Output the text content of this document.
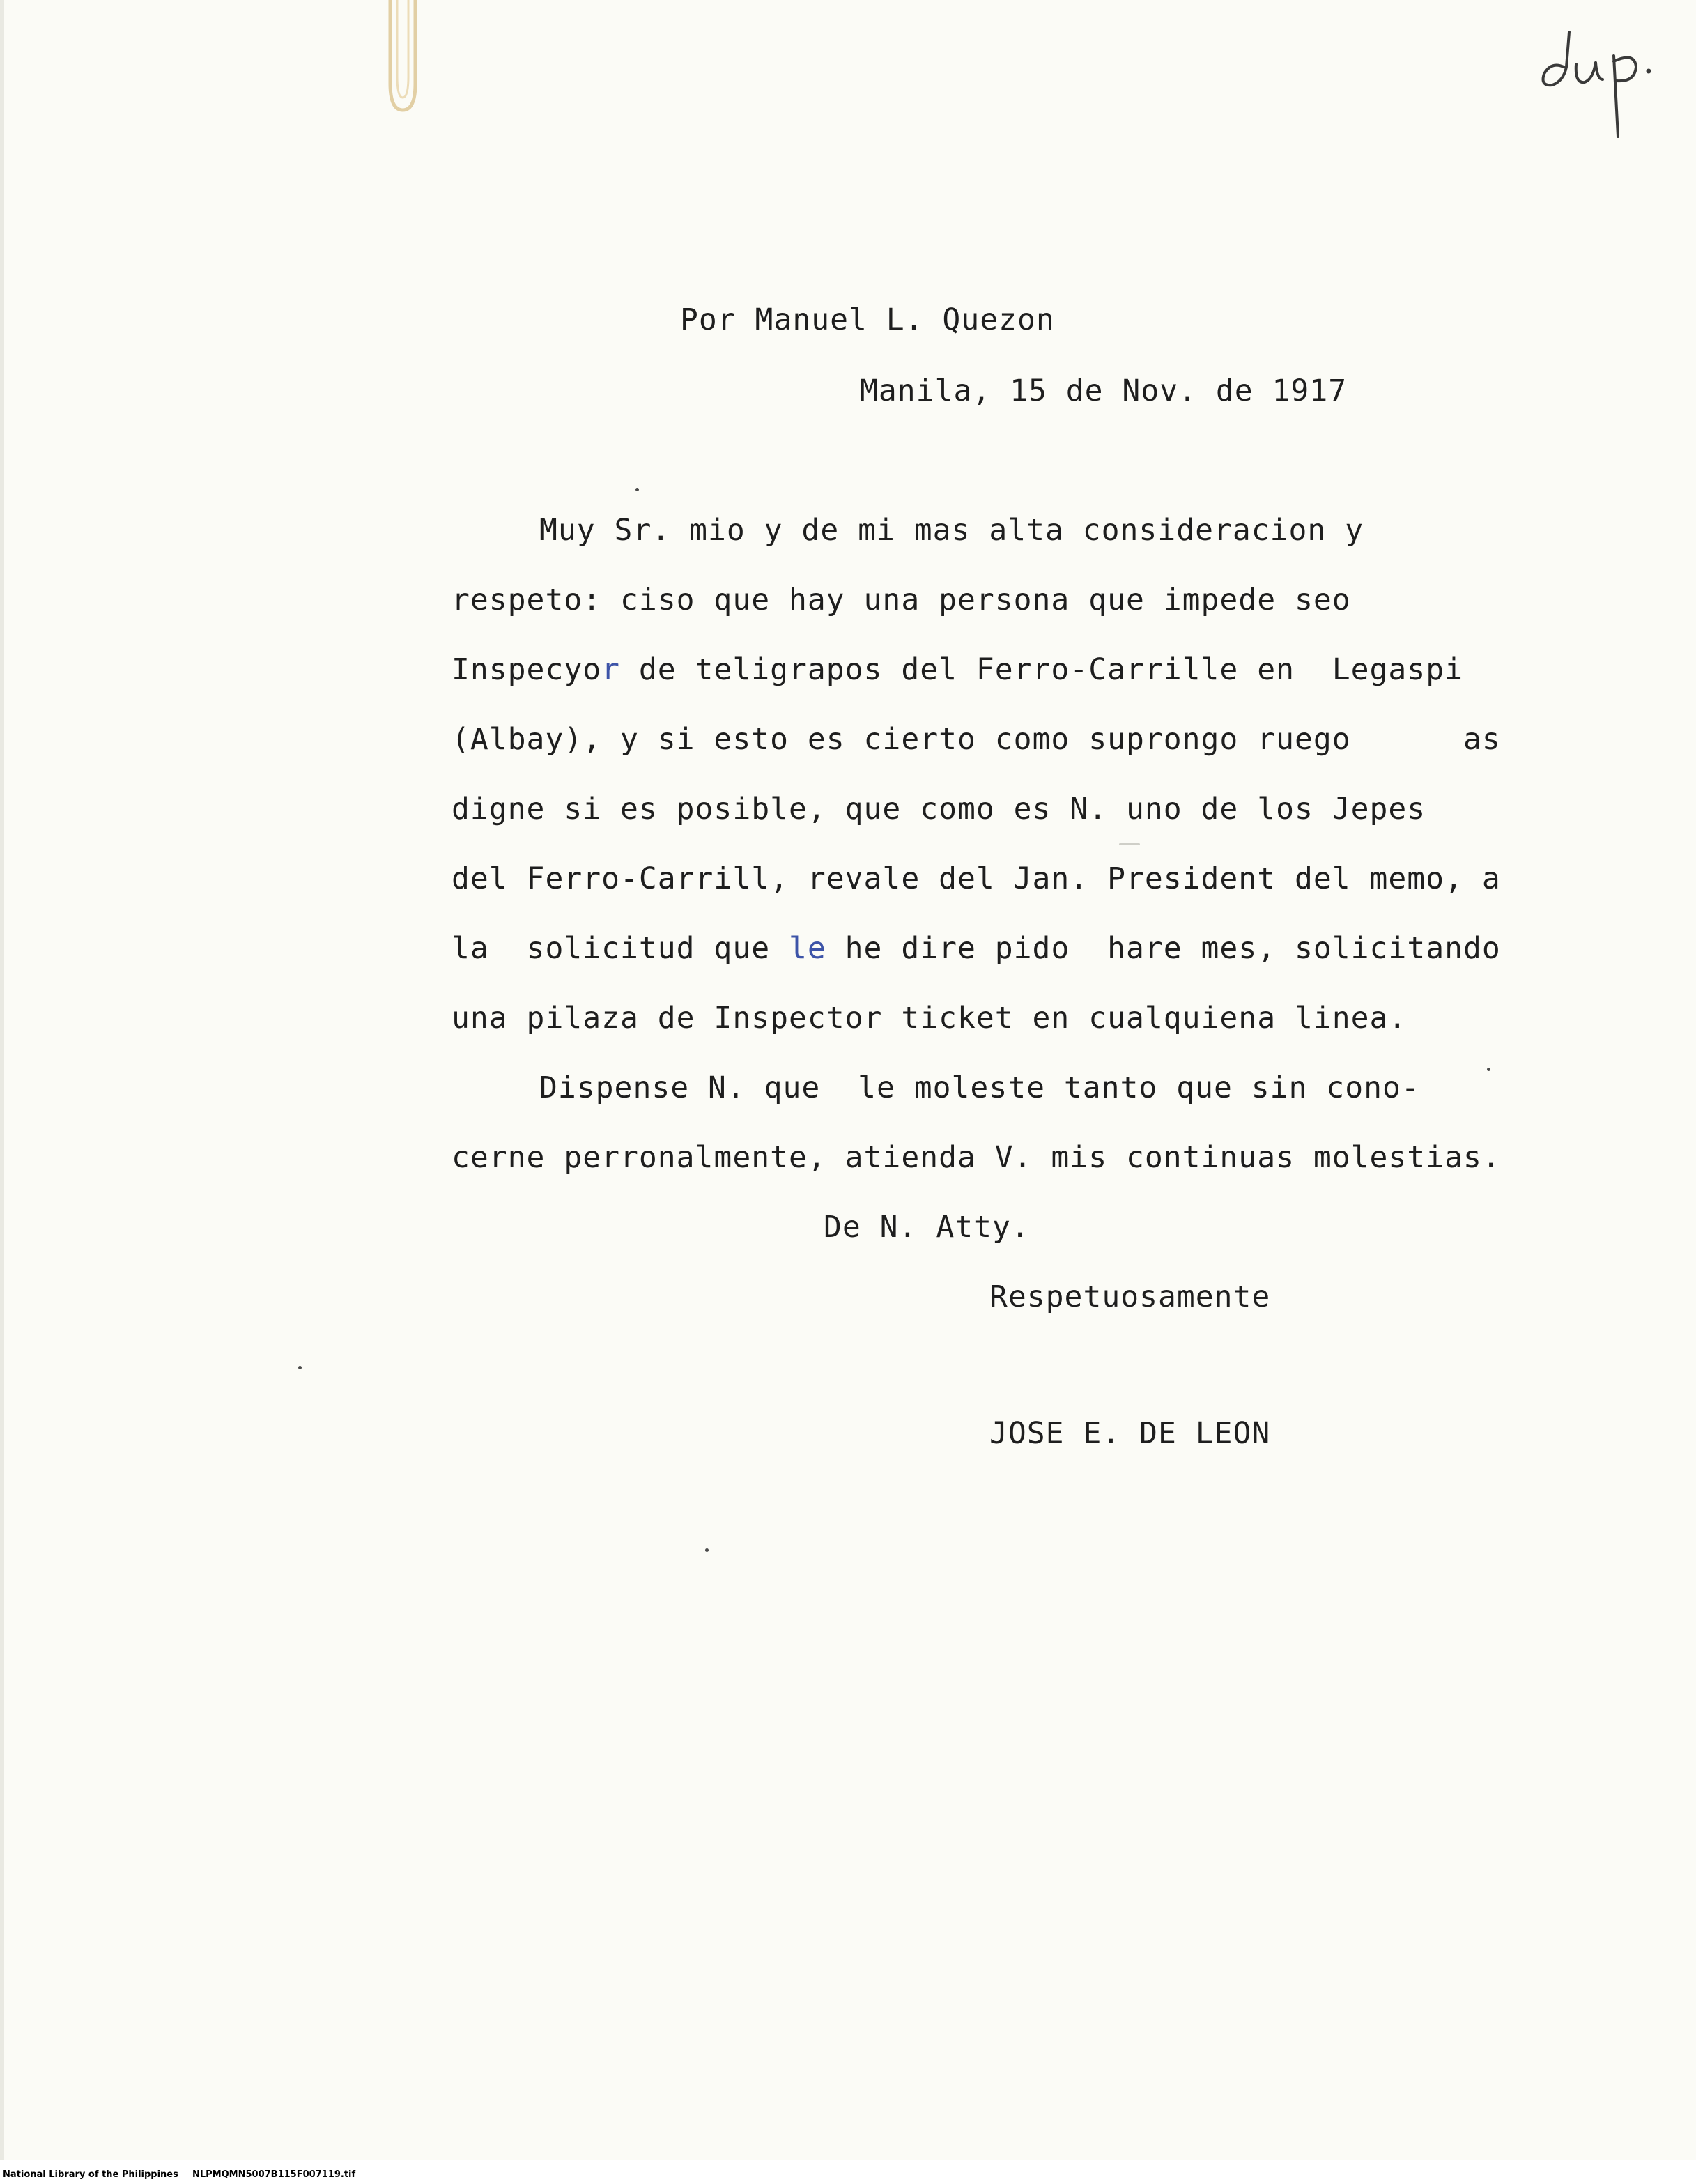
Por Manuel L. Quezon
Manila, 15 de Nov. de 1917
Muy Sr. mio y de mi mas alta consideracion y
respeto: ciso que hay una persona que impede seo
Inspecyor de teligrapos del Ferro-Carrille en  Legaspi
(Albay), y si esto es cierto como suprongo ruego      as
digne si es posible, que como es N. uno de los Jepes
del Ferro-Carrill, revale del Jan. President del memo, a
la  solicitud que le he dire pido  hare mes, solicitando
una pilaza de Inspector ticket en cualquiena linea.
Dispense N. que  le moleste tanto que sin cono-
cerne perronalmente, atienda V. mis continuas molestias.
De N. Atty.
Respetuosamente
JOSE E. DE LEON
National Library of the Philippines NLPMQMN5007B115F007119.tif
